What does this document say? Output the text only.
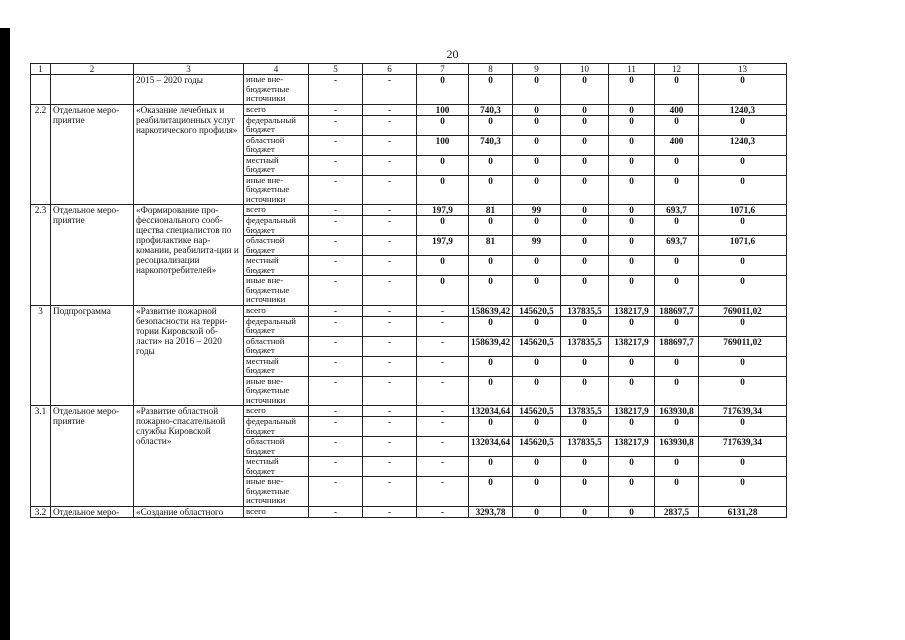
20
1	2	3	4	5	6	7	8	9	10	11	12	13
		2015 – 2020 годы	иные вне-бюджетные источники	-	-	0	0	0	0	0	0	0
2.2	Отдельное меро-приятие	«Оказание лечебных и реабилитационных услуг наркотического профиля»	всего	-	-	100	740,3	0	0	0	400	1240,3
			федеральный бюджет	-	-	0	0	0	0	0	0	0
			областной бюджет	-	-	100	740,3	0	0	0	400	1240,3
			местный бюджет	-	-	0	0	0	0	0	0	0
			иные вне-бюджетные источники	-	-	0	0	0	0	0	0	0
2.3	Отдельное меро-приятие	«Формирование про-фессионального сооб-щества специалистов по профилактике нар-комании, реабилита-ции и ресоциализации наркопотребителей»	всего	-	-	197,9	81	99	0	0	693,7	1071,6
			федеральный бюджет	-	-	0	0	0	0	0	0	0
			областной бюджет	-	-	197,9	81	99	0	0	693,7	1071,6
			местный бюджет	-	-	0	0	0	0	0	0	0
			иные вне-бюджетные источники	-	-	0	0	0	0	0	0	0
3	Подпрограмма	«Развитие пожарной безопасности на терри-тории Кировской об-ласти» на 2016 – 2020 годы	всего	-	-	-	158639,42	145620,5	137835,5	138217,9	188697,7	769011,02
			федеральный бюджет	-	-	-	0	0	0	0	0	0
			областной бюджет	-	-	-	158639,42	145620,5	137835,5	138217,9	188697,7	769011,02
			местный бюджет	-	-	-	0	0	0	0	0	0
			иные вне-бюджетные источники	-	-	-	0	0	0	0	0	0
3.1	Отдельное меро-приятие	«Развитие областной пожарно-спасательной службы Кировской области»	всего	-	-	-	132034,64	145620,5	137835,5	138217,9	163930,8	717639,34
			федеральный бюджет	-	-	-	0	0	0	0	0	0
			областной бюджет	-	-	-	132034,64	145620,5	137835,5	138217,9	163930,8	717639,34
			местный бюджет	-	-	-	0	0	0	0	0	0
			иные вне-бюджетные источники	-	-	-	0	0	0	0	0	0
3.2	Отдельное меро-	«Создание областного	всего	-	-	-	3293,78	0	0	0	2837,5	6131,28
